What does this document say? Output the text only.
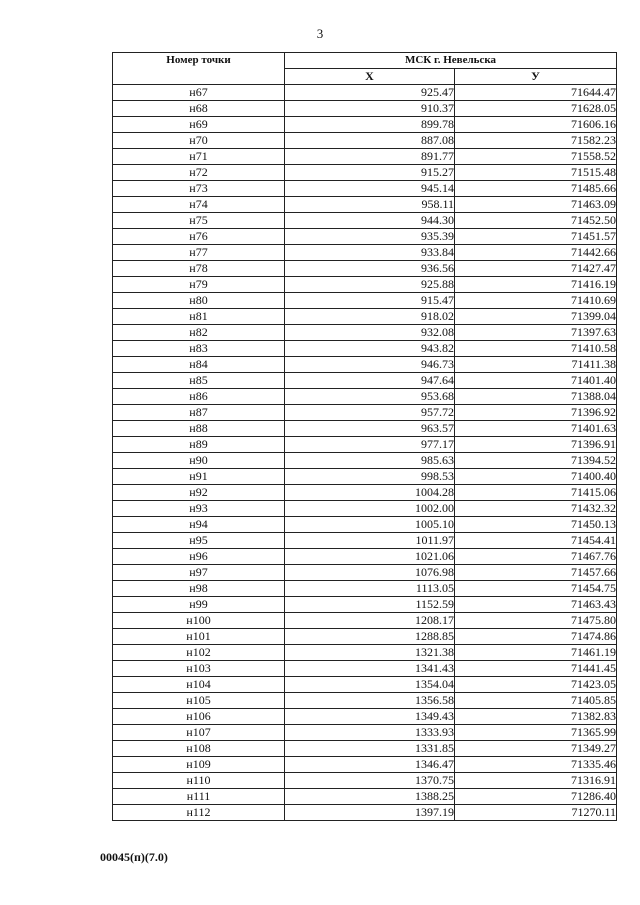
3
Номер точки	МСК г. Невельска	
	X	У
н67	925.47	71644.47
н68	910.37	71628.05
н69	899.78	71606.16
н70	887.08	71582.23
н71	891.77	71558.52
н72	915.27	71515.48
н73	945.14	71485.66
н74	958.11	71463.09
н75	944.30	71452.50
н76	935.39	71451.57
н77	933.84	71442.66
н78	936.56	71427.47
н79	925.88	71416.19
н80	915.47	71410.69
н81	918.02	71399.04
н82	932.08	71397.63
н83	943.82	71410.58
н84	946.73	71411.38
н85	947.64	71401.40
н86	953.68	71388.04
н87	957.72	71396.92
н88	963.57	71401.63
н89	977.17	71396.91
н90	985.63	71394.52
н91	998.53	71400.40
н92	1004.28	71415.06
н93	1002.00	71432.32
н94	1005.10	71450.13
н95	1011.97	71454.41
н96	1021.06	71467.76
н97	1076.98	71457.66
н98	1113.05	71454.75
н99	1152.59	71463.43
н100	1208.17	71475.80
н101	1288.85	71474.86
н102	1321.38	71461.19
н103	1341.43	71441.45
н104	1354.04	71423.05
н105	1356.58	71405.85
н106	1349.43	71382.83
н107	1333.93	71365.99
н108	1331.85	71349.27
н109	1346.47	71335.46
н110	1370.75	71316.91
н111	1388.25	71286.40
н112	1397.19	71270.11
00045(п)(7.0)
